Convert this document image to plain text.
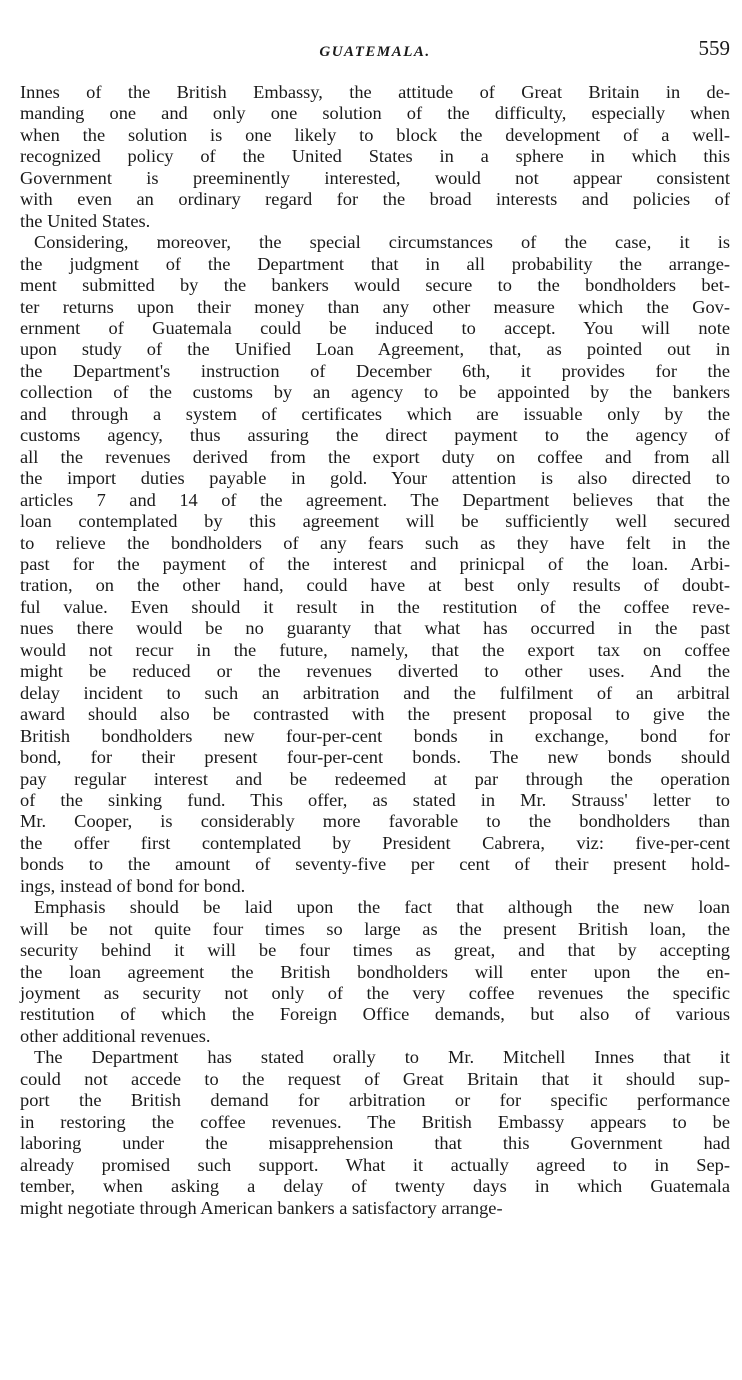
GUATEMALA.	559
Innes of the British Embassy, the attitude of Great Britain in de-
manding one and only one solution of the difficulty, especially when
when the solution is one likely to block the development of a well-
recognized policy of the United States in a sphere in which this
Government is preeminently interested, would not appear consistent
with even an ordinary regard for the broad interests and policies of
the United States.
Considering, moreover, the special circumstances of the case, it is
the judgment of the Department that in all probability the arrange-
ment submitted by the bankers would secure to the bondholders bet-
ter returns upon their money than any other measure which the Gov-
ernment of Guatemala could be induced to accept. You will note
upon study of the Unified Loan Agreement, that, as pointed out in
the Department's instruction of December 6th, it provides for the
collection of the customs by an agency to be appointed by the bankers
and through a system of certificates which are issuable only by the
customs agency, thus assuring the direct payment to the agency of
all the revenues derived from the export duty on coffee and from all
the import duties payable in gold. Your attention is also directed to
articles 7 and 14 of the agreement. The Department believes that the
loan contemplated by this agreement will be sufficiently well secured
to relieve the bondholders of any fears such as they have felt in the
past for the payment of the interest and prinicpal of the loan. Arbi-
tration, on the other hand, could have at best only results of doubt-
ful value. Even should it result in the restitution of the coffee reve-
nues there would be no guaranty that what has occurred in the past
would not recur in the future, namely, that the export tax on coffee
might be reduced or the revenues diverted to other uses. And the
delay incident to such an arbitration and the fulfilment of an arbitral
award should also be contrasted with the present proposal to give the
British bondholders new four-per-cent bonds in exchange, bond for
bond, for their present four-per-cent bonds. The new bonds should
pay regular interest and be redeemed at par through the operation
of the sinking fund. This offer, as stated in Mr. Strauss' letter to
Mr. Cooper, is considerably more favorable to the bondholders than
the offer first contemplated by President Cabrera, viz: five-per-cent
bonds to the amount of seventy-five per cent of their present hold-
ings, instead of bond for bond.
Emphasis should be laid upon the fact that although the new loan
will be not quite four times so large as the present British loan, the
security behind it will be four times as great, and that by accepting
the loan agreement the British bondholders will enter upon the en-
joyment as security not only of the very coffee revenues the specific
restitution of which the Foreign Office demands, but also of various
other additional revenues.
The Department has stated orally to Mr. Mitchell Innes that it
could not accede to the request of Great Britain that it should sup-
port the British demand for arbitration or for specific performance
in restoring the coffee revenues. The British Embassy appears to be
laboring under the misapprehension that this Government had
already promised such support. What it actually agreed to in Sep-
tember, when asking a delay of twenty days in which Guatemala
might negotiate through American bankers a satisfactory arrange-
